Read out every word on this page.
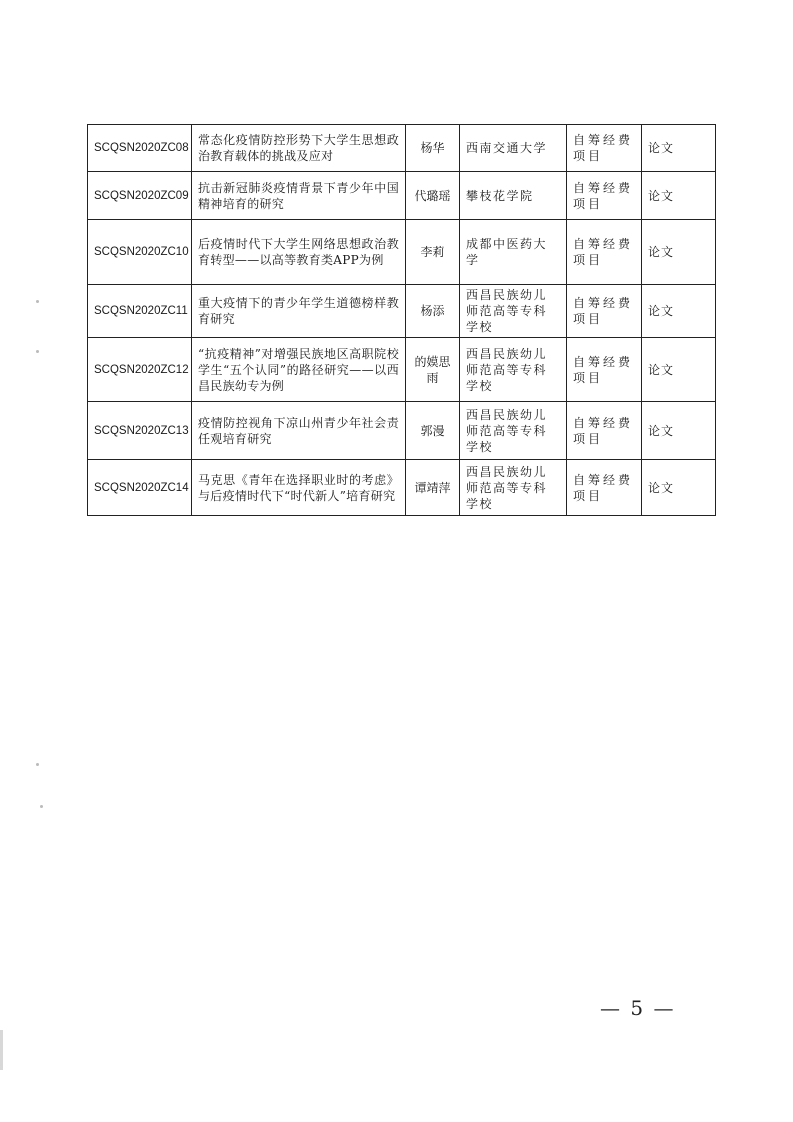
SCQSN2020ZC08	常态化疫情防控形势下大学生思想政治教育载体的挑战及应对	杨华	西南交通大学	自筹经费项目	论文
SCQSN2020ZC09	抗击新冠肺炎疫情背景下青少年中国精神培育的研究	代璐瑶	攀枝花学院	自筹经费项目	论文
SCQSN2020ZC10	后疫情时代下大学生网络思想政治教育转型——以高等教育类APP为例	李莉	成都中医药大学	自筹经费项目	论文
SCQSN2020ZC11	重大疫情下的青少年学生道德榜样教育研究	杨添	西昌民族幼儿师范高等专科学校	自筹经费项目	论文
SCQSN2020ZC12	“抗疫精神”对增强民族地区高职院校学生“五个认同”的路径研究——以西昌民族幼专为例	的嫫思雨	西昌民族幼儿师范高等专科学校	自筹经费项目	论文
SCQSN2020ZC13	疫情防控视角下凉山州青少年社会责任观培育研究	郭漫	西昌民族幼儿师范高等专科学校	自筹经费项目	论文
SCQSN2020ZC14	马克思《青年在选择职业时的考虑》与后疫情时代下“时代新人”培育研究	谭靖萍	西昌民族幼儿师范高等专科学校	自筹经费项目	论文
— 5 —
